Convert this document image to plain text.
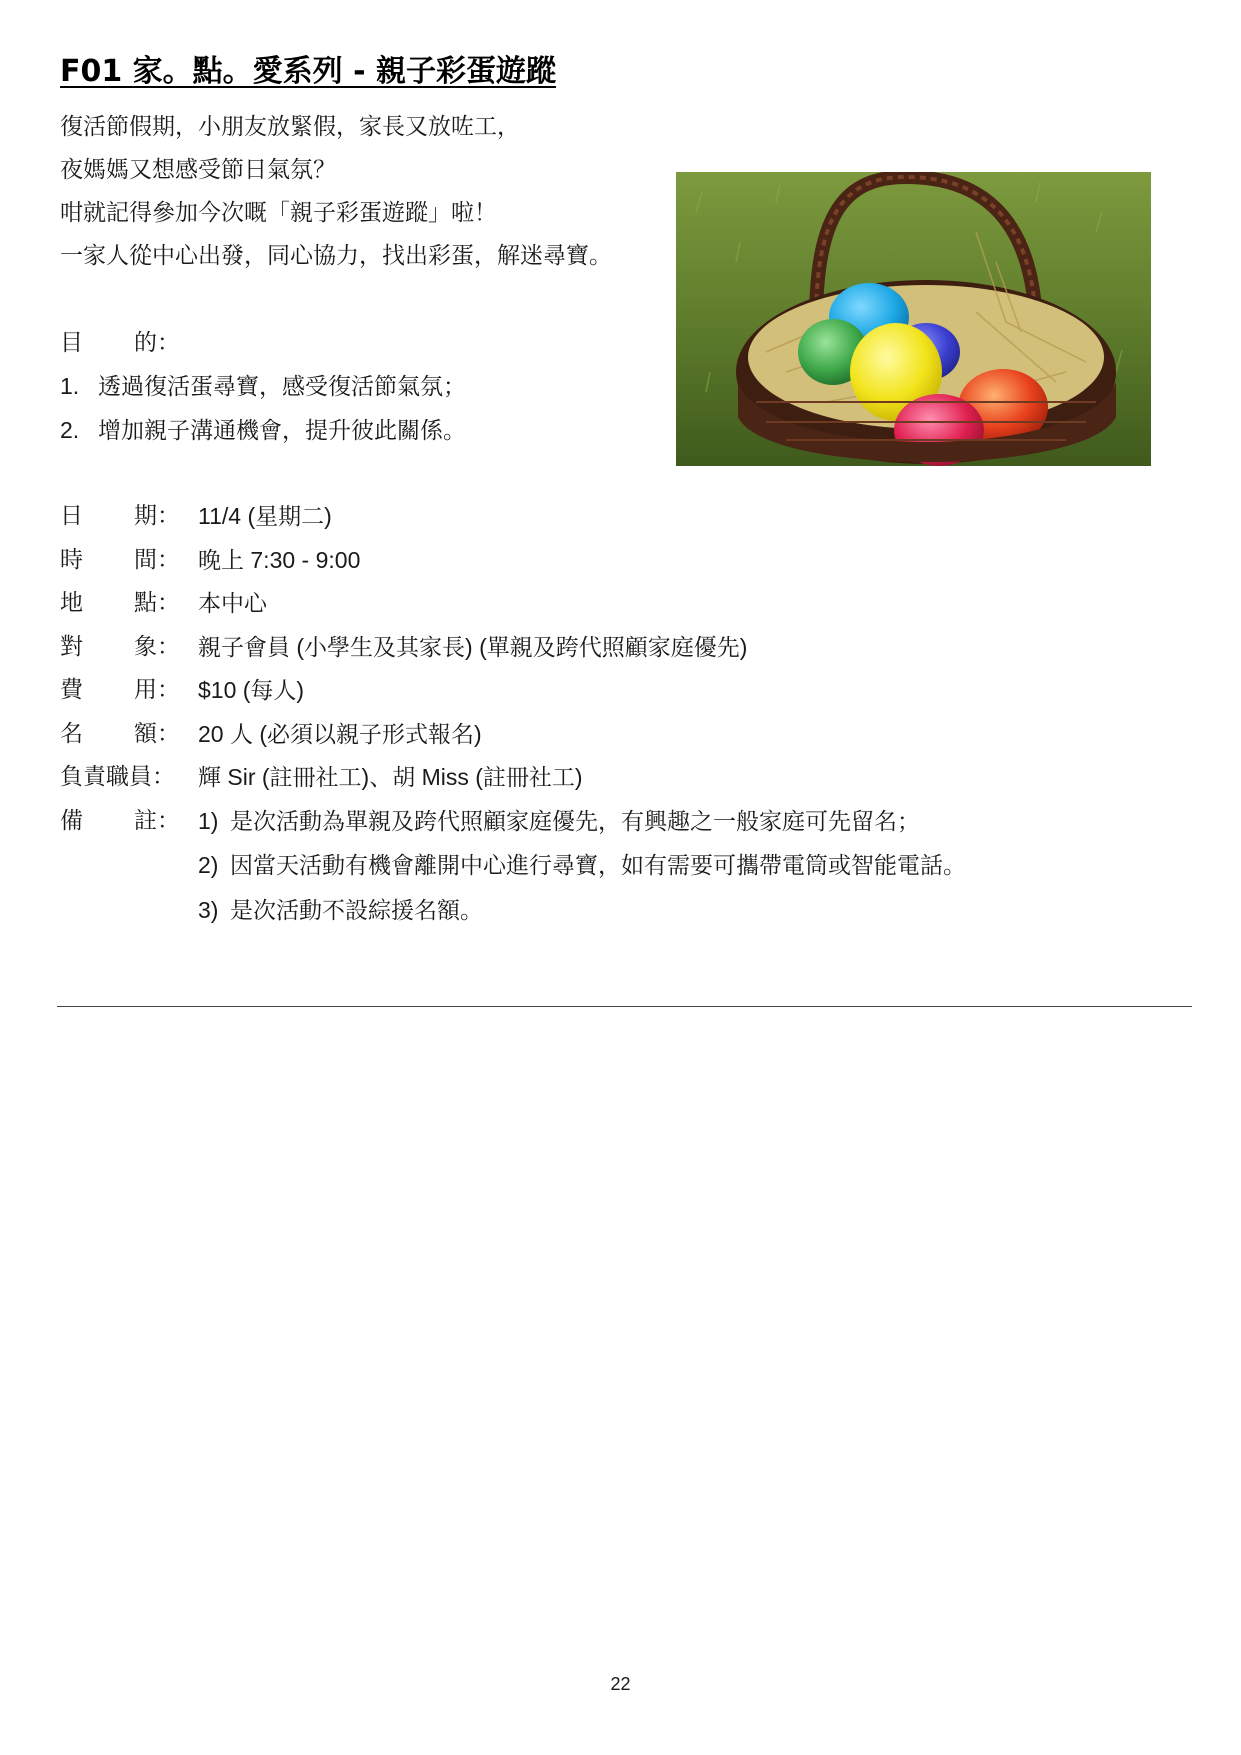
F01 家。點。愛系列 - 親子彩蛋遊蹤
復活節假期，小朋友放緊假，家長又放咗工，
夜媽媽又想感受節日氣氛？
咁就記得參加今次嘅「親子彩蛋遊蹤」啦！
一家人從中心出發，同心協力，找出彩蛋，解迷尋寶。
目 的：
1. 透過復活蛋尋寶，感受復活節氣氛；
2. 增加親子溝通機會，提升彼此關係。
日	期： 11/4 (星期二)
時	間： 晚上 7:30 - 9:00
地	點： 本中心
對	象： 親子會員 (小學生及其家長) (單親及跨代照顧家庭優先)
費	用： $10 (每人)
名	額： 20 人 (必須以親子形式報名)
負責職員：	輝 Sir (註冊社工)、胡 Miss (註冊社工)
備	註： 1) 是次活動為單親及跨代照顧家庭優先，有興趣之一般家庭可先留名；
2) 因當天活動有機會離開中心進行尋寶，如有需要可攜帶電筒或智能電話。
3) 是次活動不設綜援名額。
22
